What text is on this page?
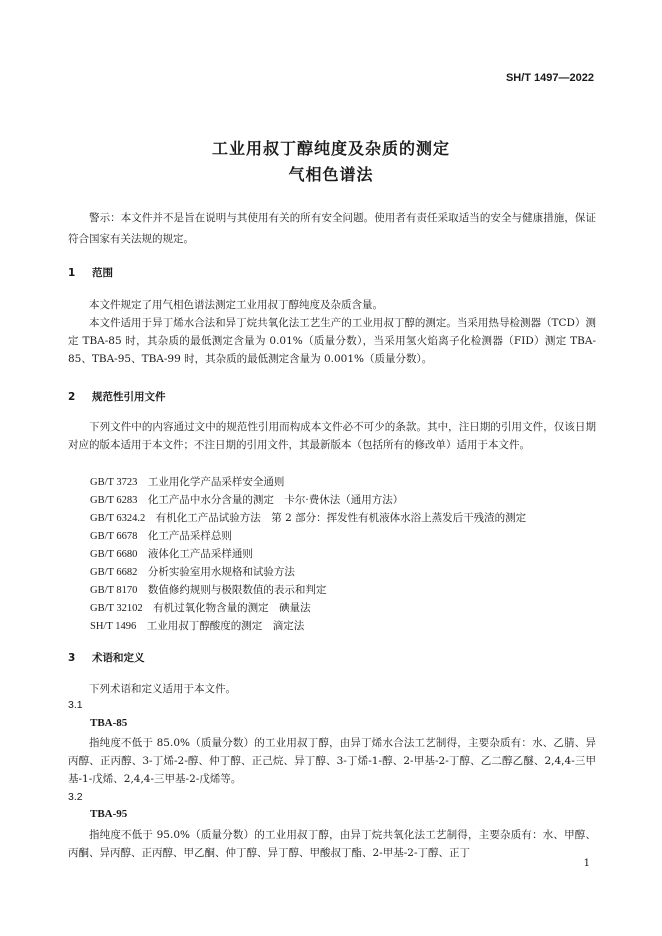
SH/T 1497—2022
工业用叔丁醇纯度及杂质的测定
气相色谱法
警示：本文件并不是旨在说明与其使用有关的所有安全问题。使用者有责任采取适当的安全与健康措施，保证符合国家有关法规的规定。
1 范围
本文件规定了用气相色谱法测定工业用叔丁醇纯度及杂质含量。
本文件适用于异丁烯水合法和异丁烷共氧化法工艺生产的工业用叔丁醇的测定。当采用热导检测器（TCD）测定 TBA-85 时，其杂质的最低测定含量为 0.01%（质量分数），当采用氢火焰离子化检测器（FID）测定 TBA-85、TBA-95、TBA-99 时，其杂质的最低测定含量为 0.001%（质量分数）。
2 规范性引用文件
下列文件中的内容通过文中的规范性引用而构成本文件必不可少的条款。其中，注日期的引用文件，仅该日期对应的版本适用于本文件；不注日期的引用文件，其最新版本（包括所有的修改单）适用于本文件。
GB/T 3723　 工业用化学产品采样安全通则
GB/T 6283　 化工产品中水分含量的测定　卡尔·费休法（通用方法）
GB/T 6324.2　 有机化工产品试验方法　第 2 部分：挥发性有机液体水浴上蒸发后干残渣的测定
GB/T 6678　 化工产品采样总则
GB/T 6680　 液体化工产品采样通则
GB/T 6682　 分析实验室用水规格和试验方法
GB/T 8170　 数值修约规则与极限数值的表示和判定
GB/T 32102　 有机过氧化物含量的测定　碘量法
SH/T 1496　 工业用叔丁醇酸度的测定　滴定法
3 术语和定义
下列术语和定义适用于本文件。
3.1
TBA-85
指纯度不低于 85.0%（质量分数）的工业用叔丁醇，由异丁烯水合法工艺制得，主要杂质有：水、乙腈、异丙醇、正丙醇、3-丁烯-2-醇、仲丁醇、正己烷、异丁醇、3-丁烯-1-醇、2-甲基-2-丁醇、乙二醇乙醚、2,4,4-三甲基-1-戊烯、2,4,4-三甲基-2-戊烯等。
3.2
TBA-95
指纯度不低于 95.0%（质量分数）的工业用叔丁醇，由异丁烷共氧化法工艺制得，主要杂质有：水、甲醇、丙酮、异丙醇、正丙醇、甲乙酮、仲丁醇、异丁醇、甲酸叔丁酯、2-甲基-2-丁醇、正丁
1
